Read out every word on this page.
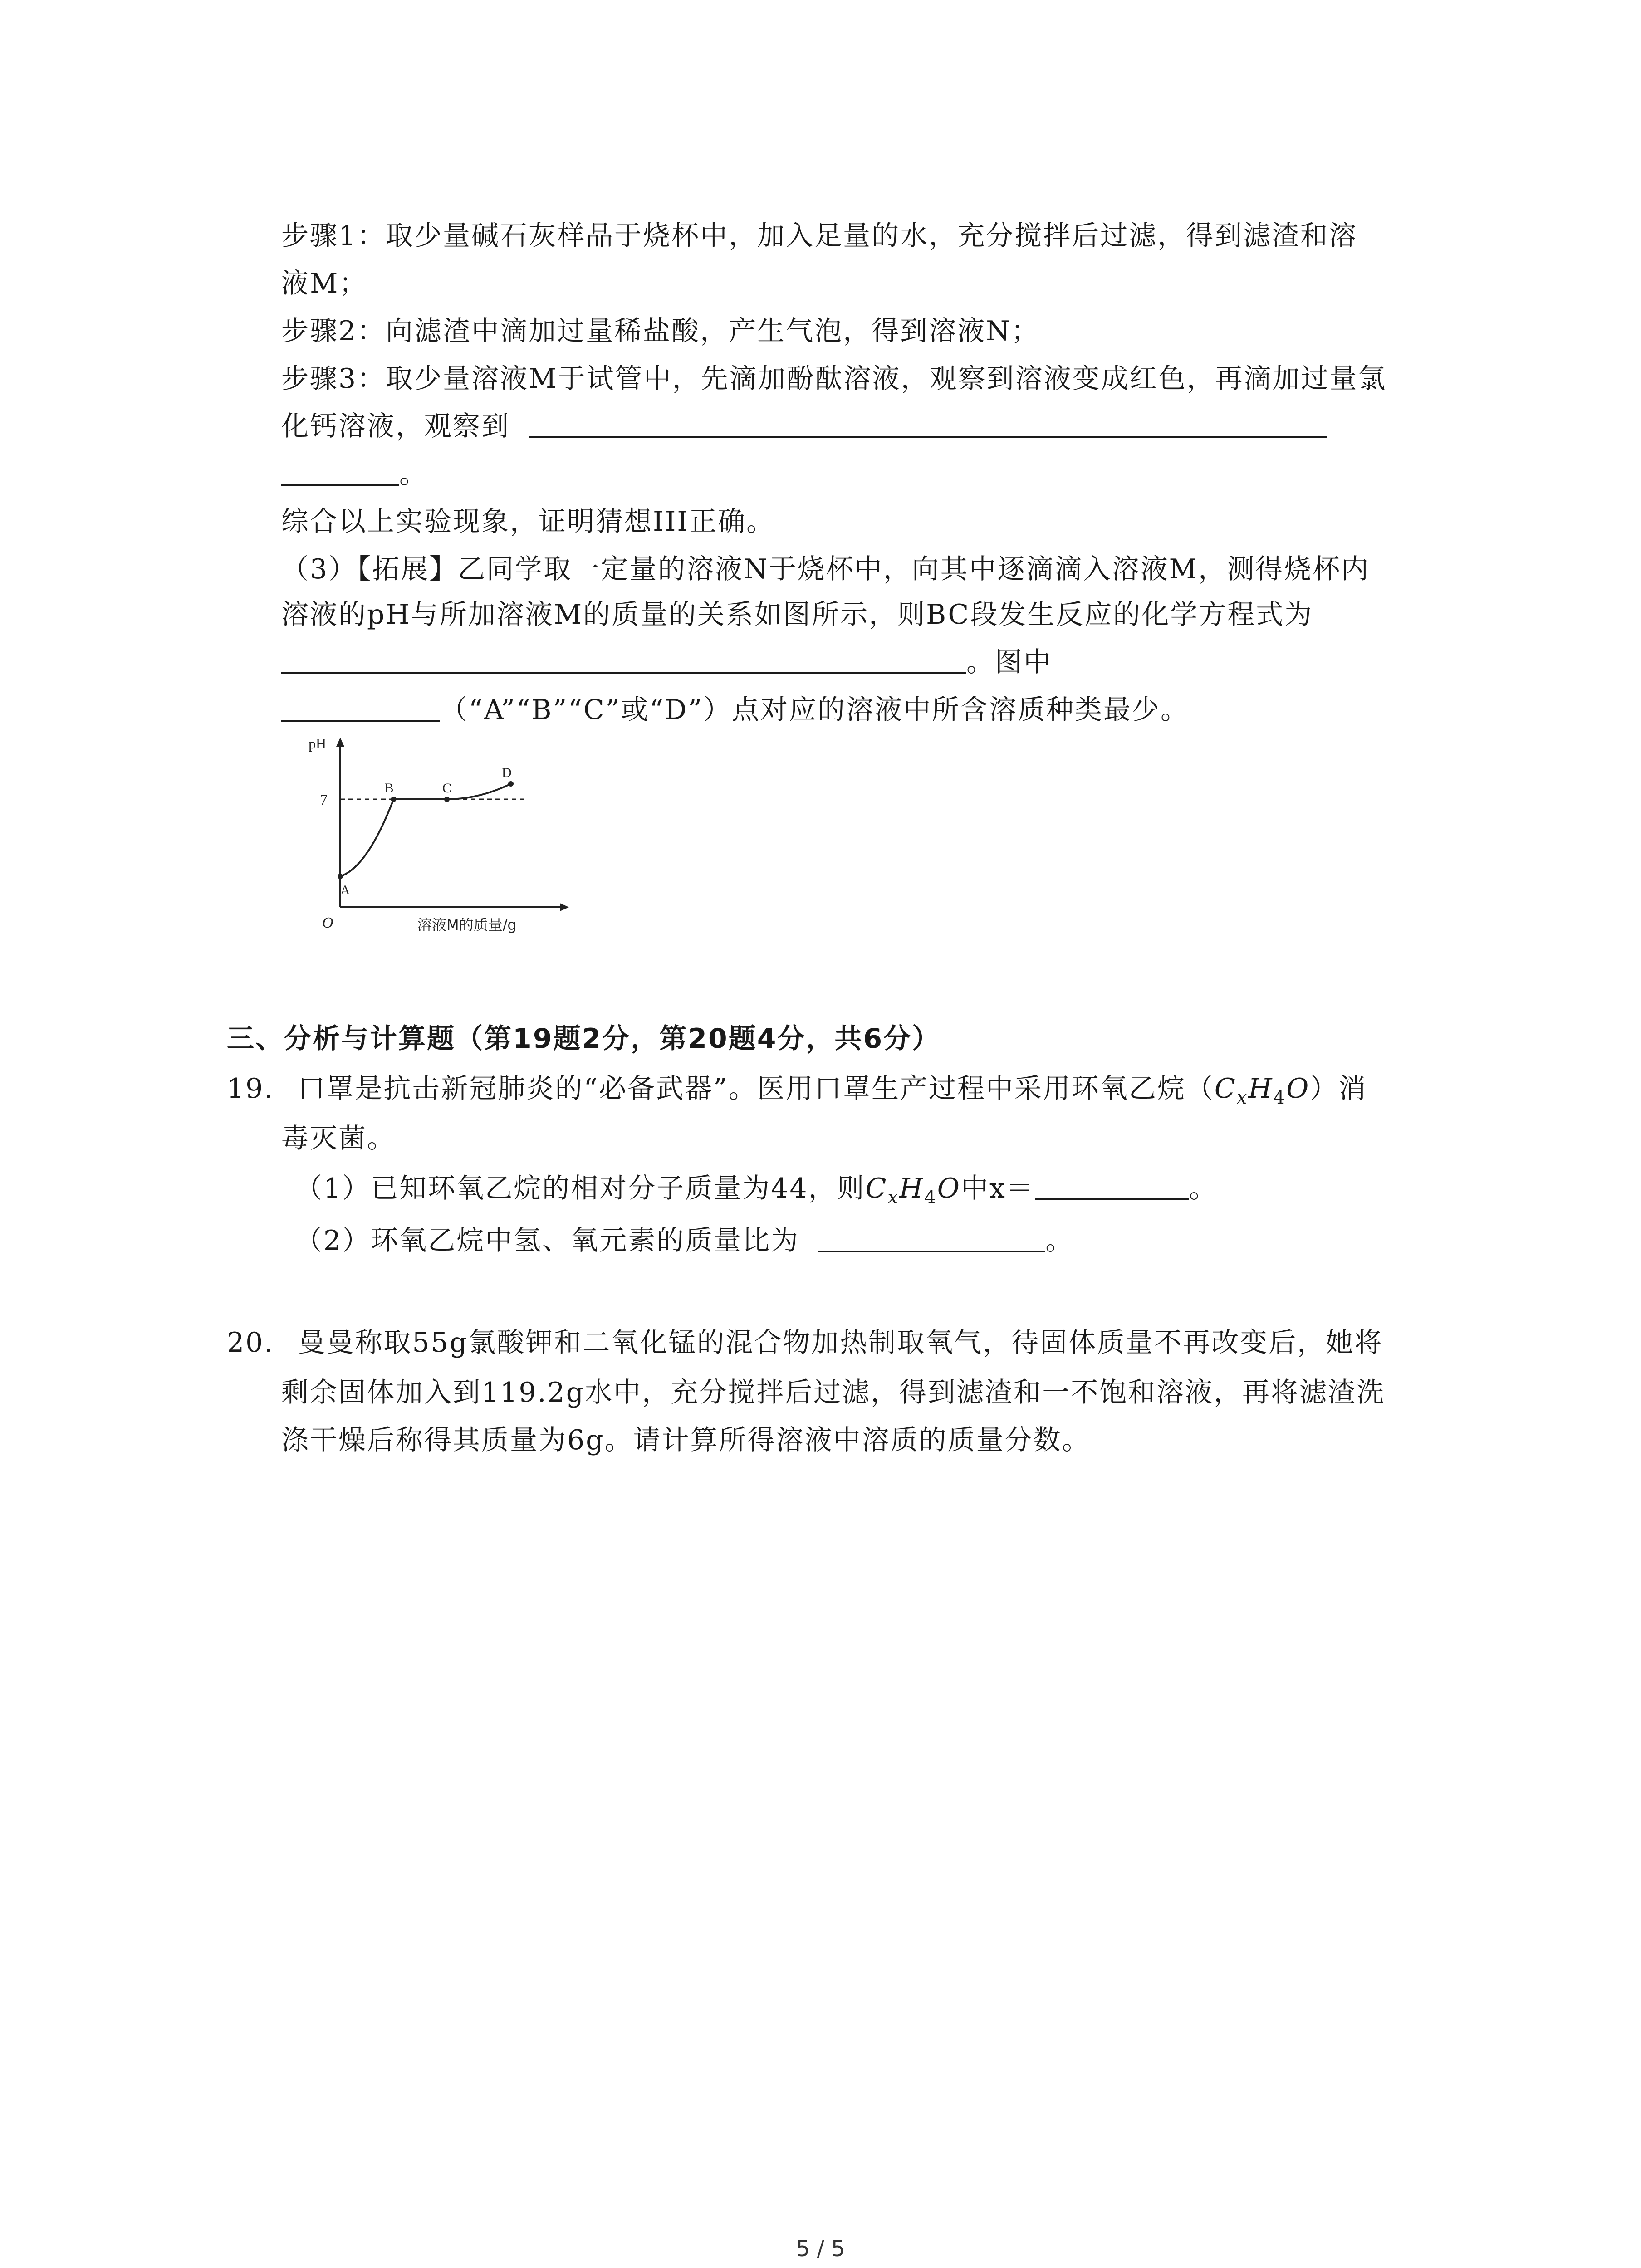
步骤1：取少量碱石灰样品于烧杯中，加入足量的水，充分搅拌后过滤，得到滤渣和溶
液M；
步骤2：向滤渣中滴加过量稀盐酸，产生气泡，得到溶液N；
步骤3：取少量溶液M于试管中，先滴加酚酞溶液，观察到溶液变成红色，再滴加过量氯
化钙溶液，观察到
。
综合以上实验现象，证明猜想III正确。
（3）【拓展】乙同学取一定量的溶液N于烧杯中，向其中逐滴滴入溶液M，测得烧杯内
溶液的pH与所加溶液M的质量的关系如图所示，则BC段发生反应的化学方程式为
。图中
（“A”“B”“C”或“D”）点对应的溶液中所含溶质种类最少。
pH
溶液M的质量/g
O
7
A
B	C
D
三、分析与计算题（第19题2分，第20题4分，共6分）
19. 口罩是抗击新冠肺炎的“必备武器”。医用口罩生产过程中采用环氧乙烷$(C_xH_4O)$消
毒灭菌。
（1）已知环氧乙烷的相对分子质量为44，则$C_xH_4O$中x＝	。
（2）环氧乙烷中氢、氧元素的质量比为	。
20. 曼曼称取55g氯酸钾和二氧化锰的混合物加热制取氧气，待固体质量不再改变后，她将
剩余固体加入到119.2g水中，充分搅拌后过滤，得到滤渣和一不饱和溶液，再将滤渣洗
涤干燥后称得其质量为6g。请计算所得溶液中溶质的质量分数。
5 / 5
